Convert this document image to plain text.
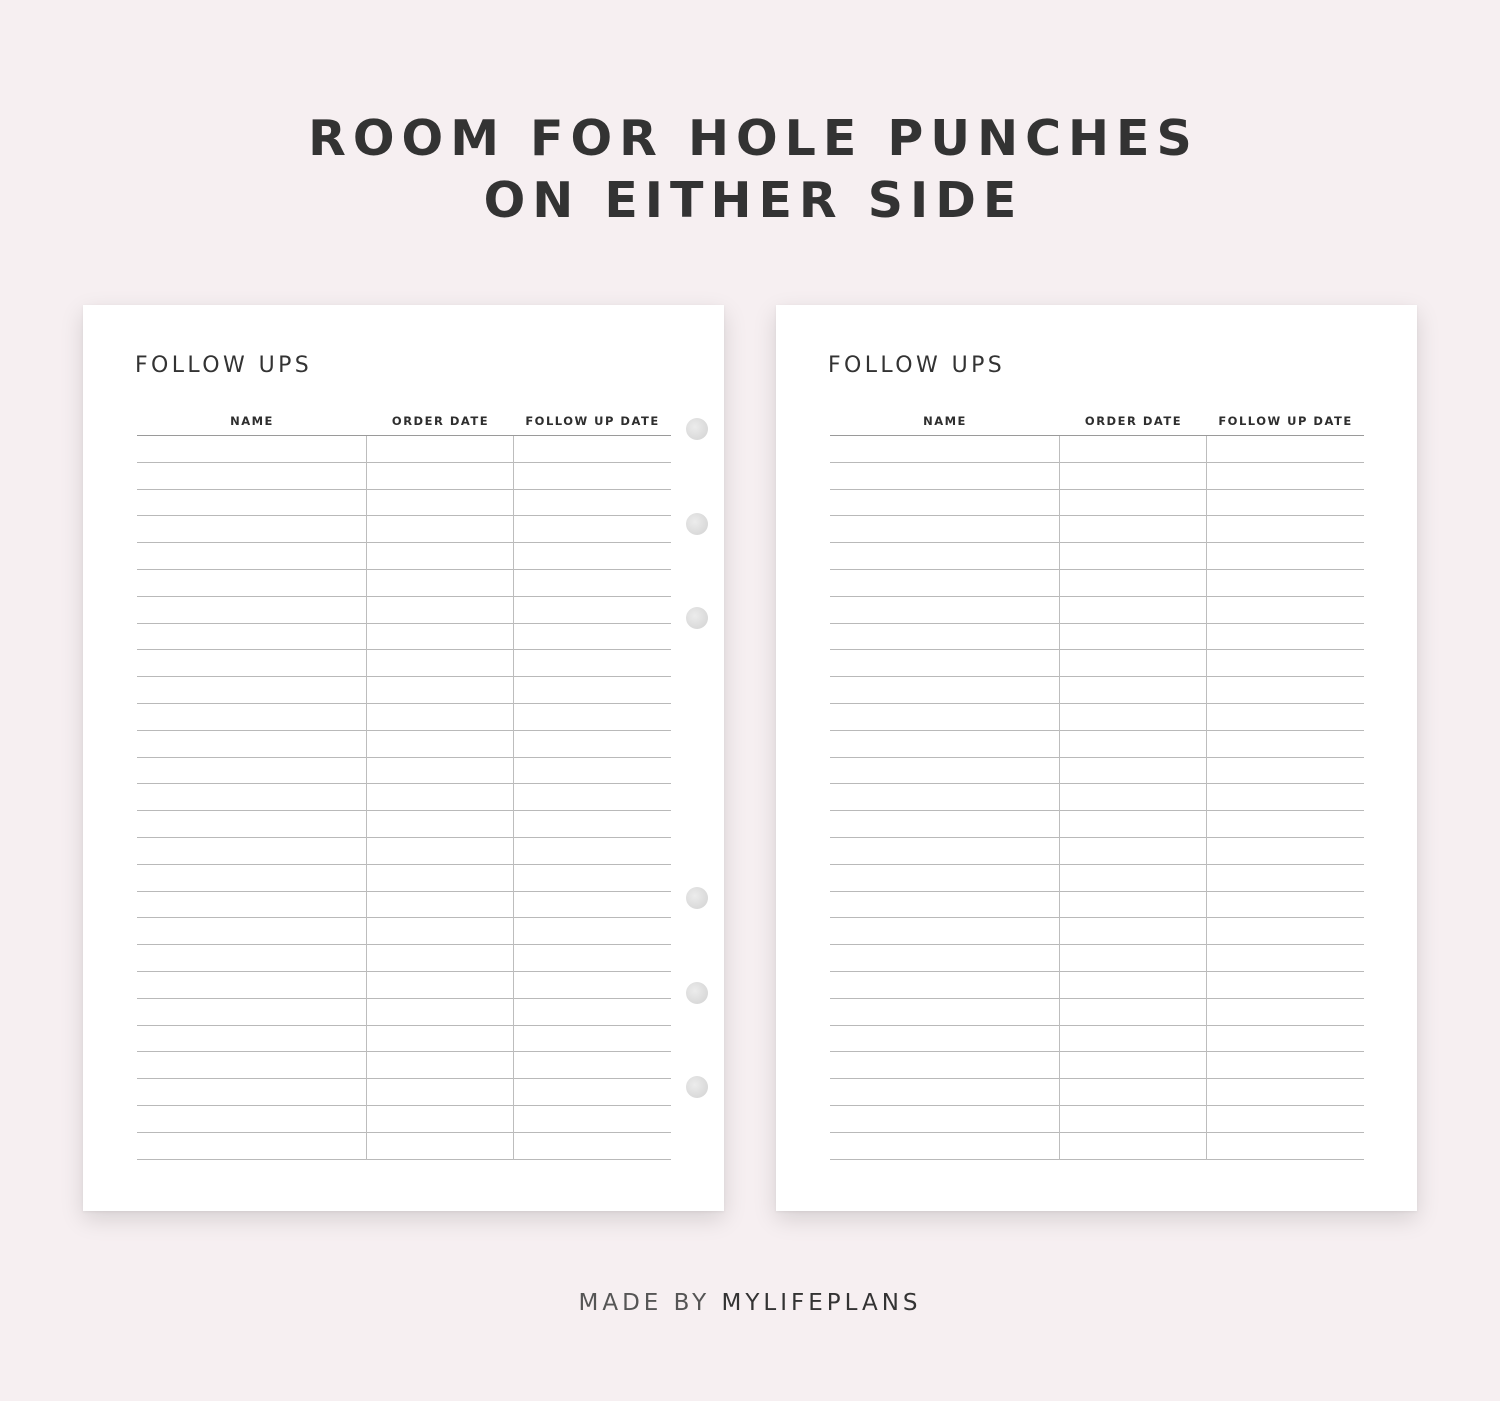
ROOM FOR HOLE PUNCHES
ON EITHER SIDE
FOLLOW UPS
NAME	ORDER DATE	FOLLOW UP DATE
FOLLOW UPS
NAME	ORDER DATE	FOLLOW UP DATE
MADE BY MYLIFEPLANS
